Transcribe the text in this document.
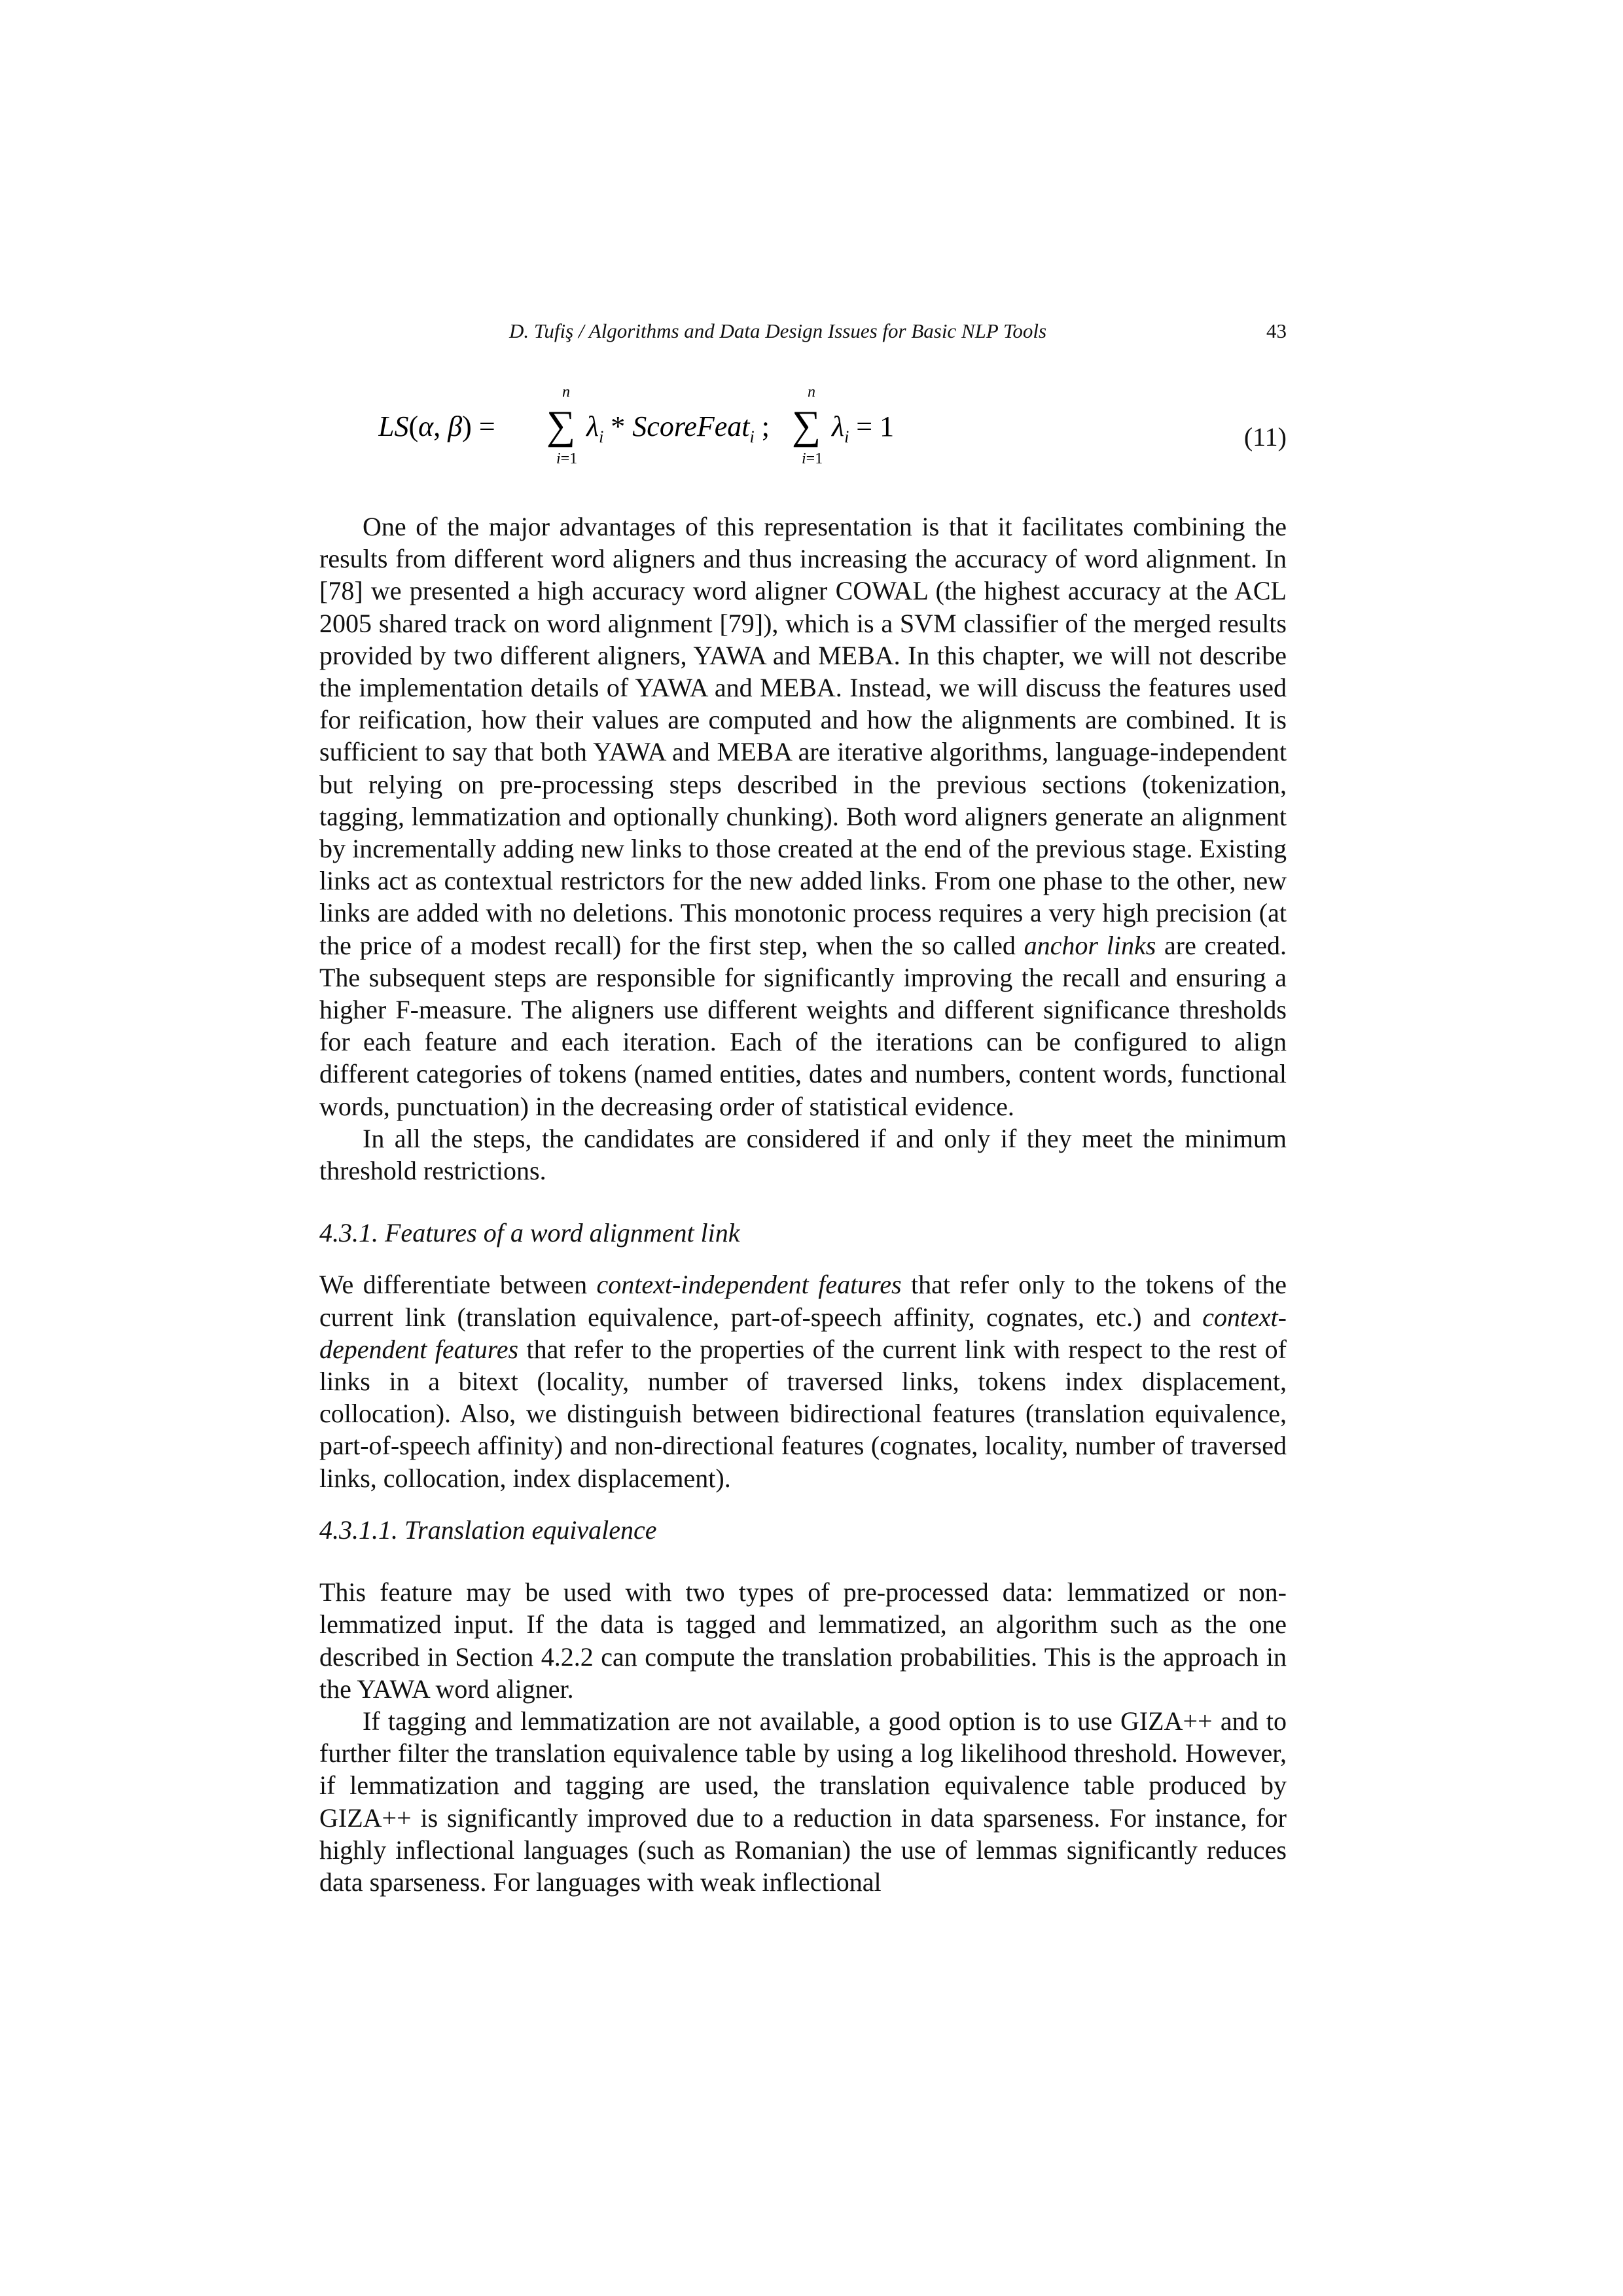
D. Tufiş / Algorithms and Data Design Issues for Basic NLP Tools	43
LS(α, β) = ∑
n
i=1
$\lambda_i$ * ScoreFeat$_i$ ; ∑
n
i=1
$\lambda_i = 1$	(11)

One of the major advantages of this representation is that it facilitates combining the results from different word aligners and thus increasing the accuracy of word alignment. In [78] we presented a high accuracy word aligner COWAL (the highest accuracy at the ACL 2005 shared track on word alignment [79]), which is a SVM classifier of the merged results provided by two different aligners, YAWA and MEBA. In this chapter, we will not describe the implementation details of YAWA and MEBA. Instead, we will discuss the features used for reification, how their values are computed and how the alignments are combined. It is sufficient to say that both YAWA and MEBA are iterative algorithms, language-independent but relying on pre-processing steps described in the previous sections (tokenization, tagging, lemmatization and optionally chunking). Both word aligners generate an alignment by incrementally adding new links to those created at the end of the previous stage. Existing links act as contextual restrictors for the new added links. From one phase to the other, new links are added with no deletions. This monotonic process requires a very high precision (at the price of a modest recall) for the first step, when the so called anchor links are created. The subsequent steps are responsible for significantly improving the recall and ensuring a higher F-measure. The aligners use different weights and different significance thresholds for each feature and each iteration. Each of the iterations can be configured to align different categories of tokens (named entities, dates and numbers, content words, functional words, punctuation) in the decreasing order of statistical evidence.

In all the steps, the candidates are considered if and only if they meet the minimum threshold restrictions.

4.3.1. Features of a word alignment link

We differentiate between context-independent features that refer only to the tokens of the current link (translation equivalence, part-of-speech affinity, cognates, etc.) and context-dependent features that refer to the properties of the current link with respect to the rest of links in a bitext (locality, number of traversed links, tokens index displacement, collocation). Also, we distinguish between bidirectional features (translation equivalence, part-of-speech affinity) and non-directional features (cognates, locality, number of traversed links, collocation, index displacement).

4.3.1.1. Translation equivalence

This feature may be used with two types of pre-processed data: lemmatized or non-lemmatized input. If the data is tagged and lemmatized, an algorithm such as the one described in Section 4.2.2 can compute the translation probabilities. This is the approach in the YAWA word aligner.

If tagging and lemmatization are not available, a good option is to use GIZA++ and to further filter the translation equivalence table by using a log likelihood threshold. However, if lemmatization and tagging are used, the translation equivalence table produced by GIZA++ is significantly improved due to a reduction in data sparseness. For instance, for highly inflectional languages (such as Romanian) the use of lemmas significantly reduces data sparseness. For languages with weak inflectional
